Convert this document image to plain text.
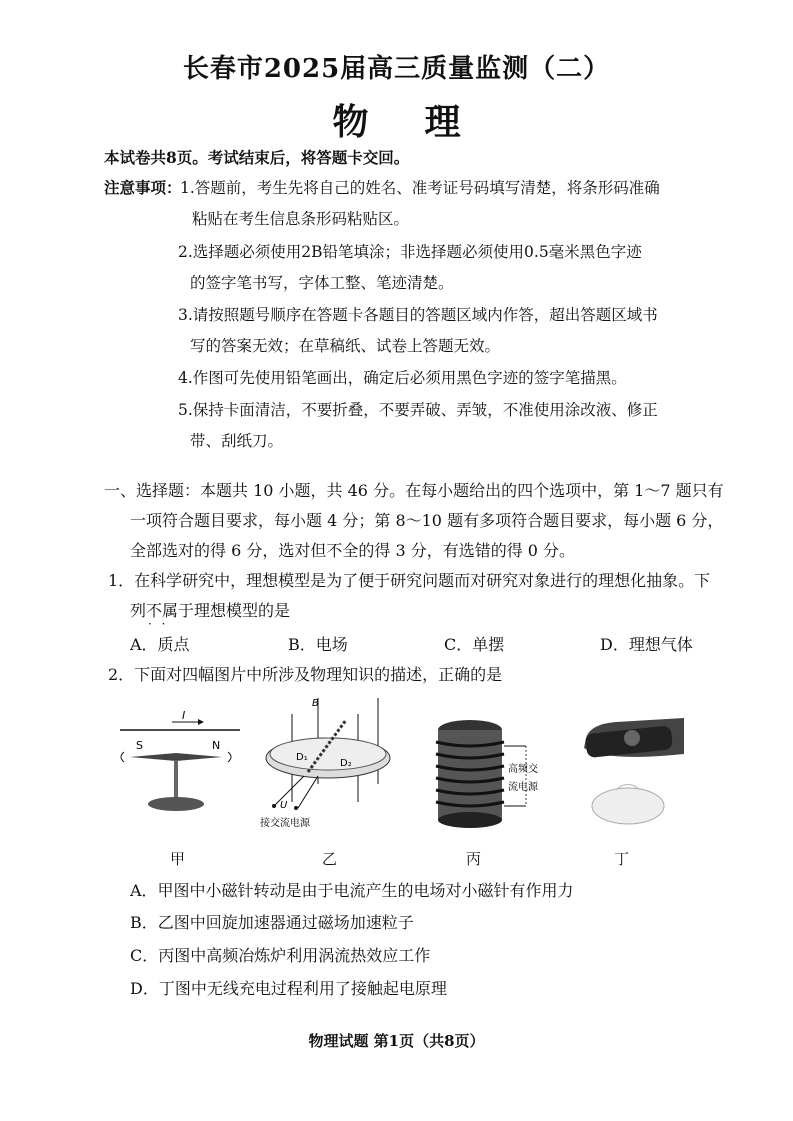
长春市2025届高三质量监测（二）
物 理
本试卷共8页。考试结束后，将答题卡交回。
注意事项：
1.答题前，考生先将自己的姓名、准考证号码填写清楚，将条形码准确
粘贴在考生信息条形码粘贴区。
2.选择题必须使用2B铅笔填涂；非选择题必须使用0.5毫米黑色字迹
的签字笔书写，字体工整、笔迹清楚。
3.请按照题号顺序在答题卡各题目的答题区域内作答，超出答题区域书
写的答案无效；在草稿纸、试卷上答题无效。
4.作图可先使用铅笔画出，确定后必须用黑色字迹的签字笔描黑。
5.保持卡面清洁，不要折叠，不要弄破、弄皱，不准使用涂改液、修正
带、刮纸刀。
一、选择题：本题共 10 小题，共 46 分。在每小题给出的四个选项中，第 1～7 题只有
一项符合题目要求，每小题 4 分；第 8～10 题有多项符合题目要求，每小题 6 分，
全部选对的得 6 分，选对但不全的得 3 分，有选错的得 0 分。
1．在科学研究中，理想模型是为了便于研究问题而对研究对象进行的理想化抽象。下
列不属于 · ·理想模型的是
A．质点	B．电场	C．单摆	D．理想气体
2．下面对四幅图片中所涉及物理知识的描述，正确的是
I
S	N
B
D₁
D₂
U
接交流电源
高频交
流电源
甲	乙	丙	丁
A．甲图中小磁针转动是由于电流产生的电场对小磁针有作用力
B．乙图中回旋加速器通过磁场加速粒子
C．丙图中高频冶炼炉利用涡流热效应工作
D．丁图中无线充电过程利用了接触起电原理
物理试题 第1页（共8页）
